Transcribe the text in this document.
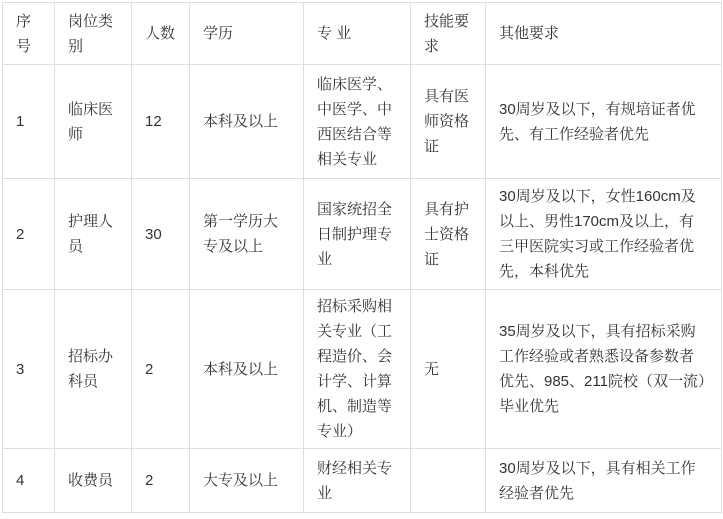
序号	岗位类别	人数	学历	专 业	技能要求	其他要求
1	临床医师	12	本科及以上	临床医学、中医学、中西医结合等相关专业	具有医师资格证	30周岁及以下，有规培证者优先、有工作经验者优先
2	护理人员	30	第一学历大专及以上	国家统招全日制护理专业	具有护士资格证	30周岁及以下，女性160cm及以上、男性170cm及以上，有三甲医院实习或工作经验者优先，本科优先
3	招标办科员	2	本科及以上	招标采购相关专业（工程造价、会计学、计算机、制造等专业）	无	35周岁及以下，具有招标采购工作经验或者熟悉设备参数者优先、985、211院校（双一流）毕业优先
4	收费员	2	大专及以上	财经相关专业		30周岁及以下，具有相关工作经验者优先
